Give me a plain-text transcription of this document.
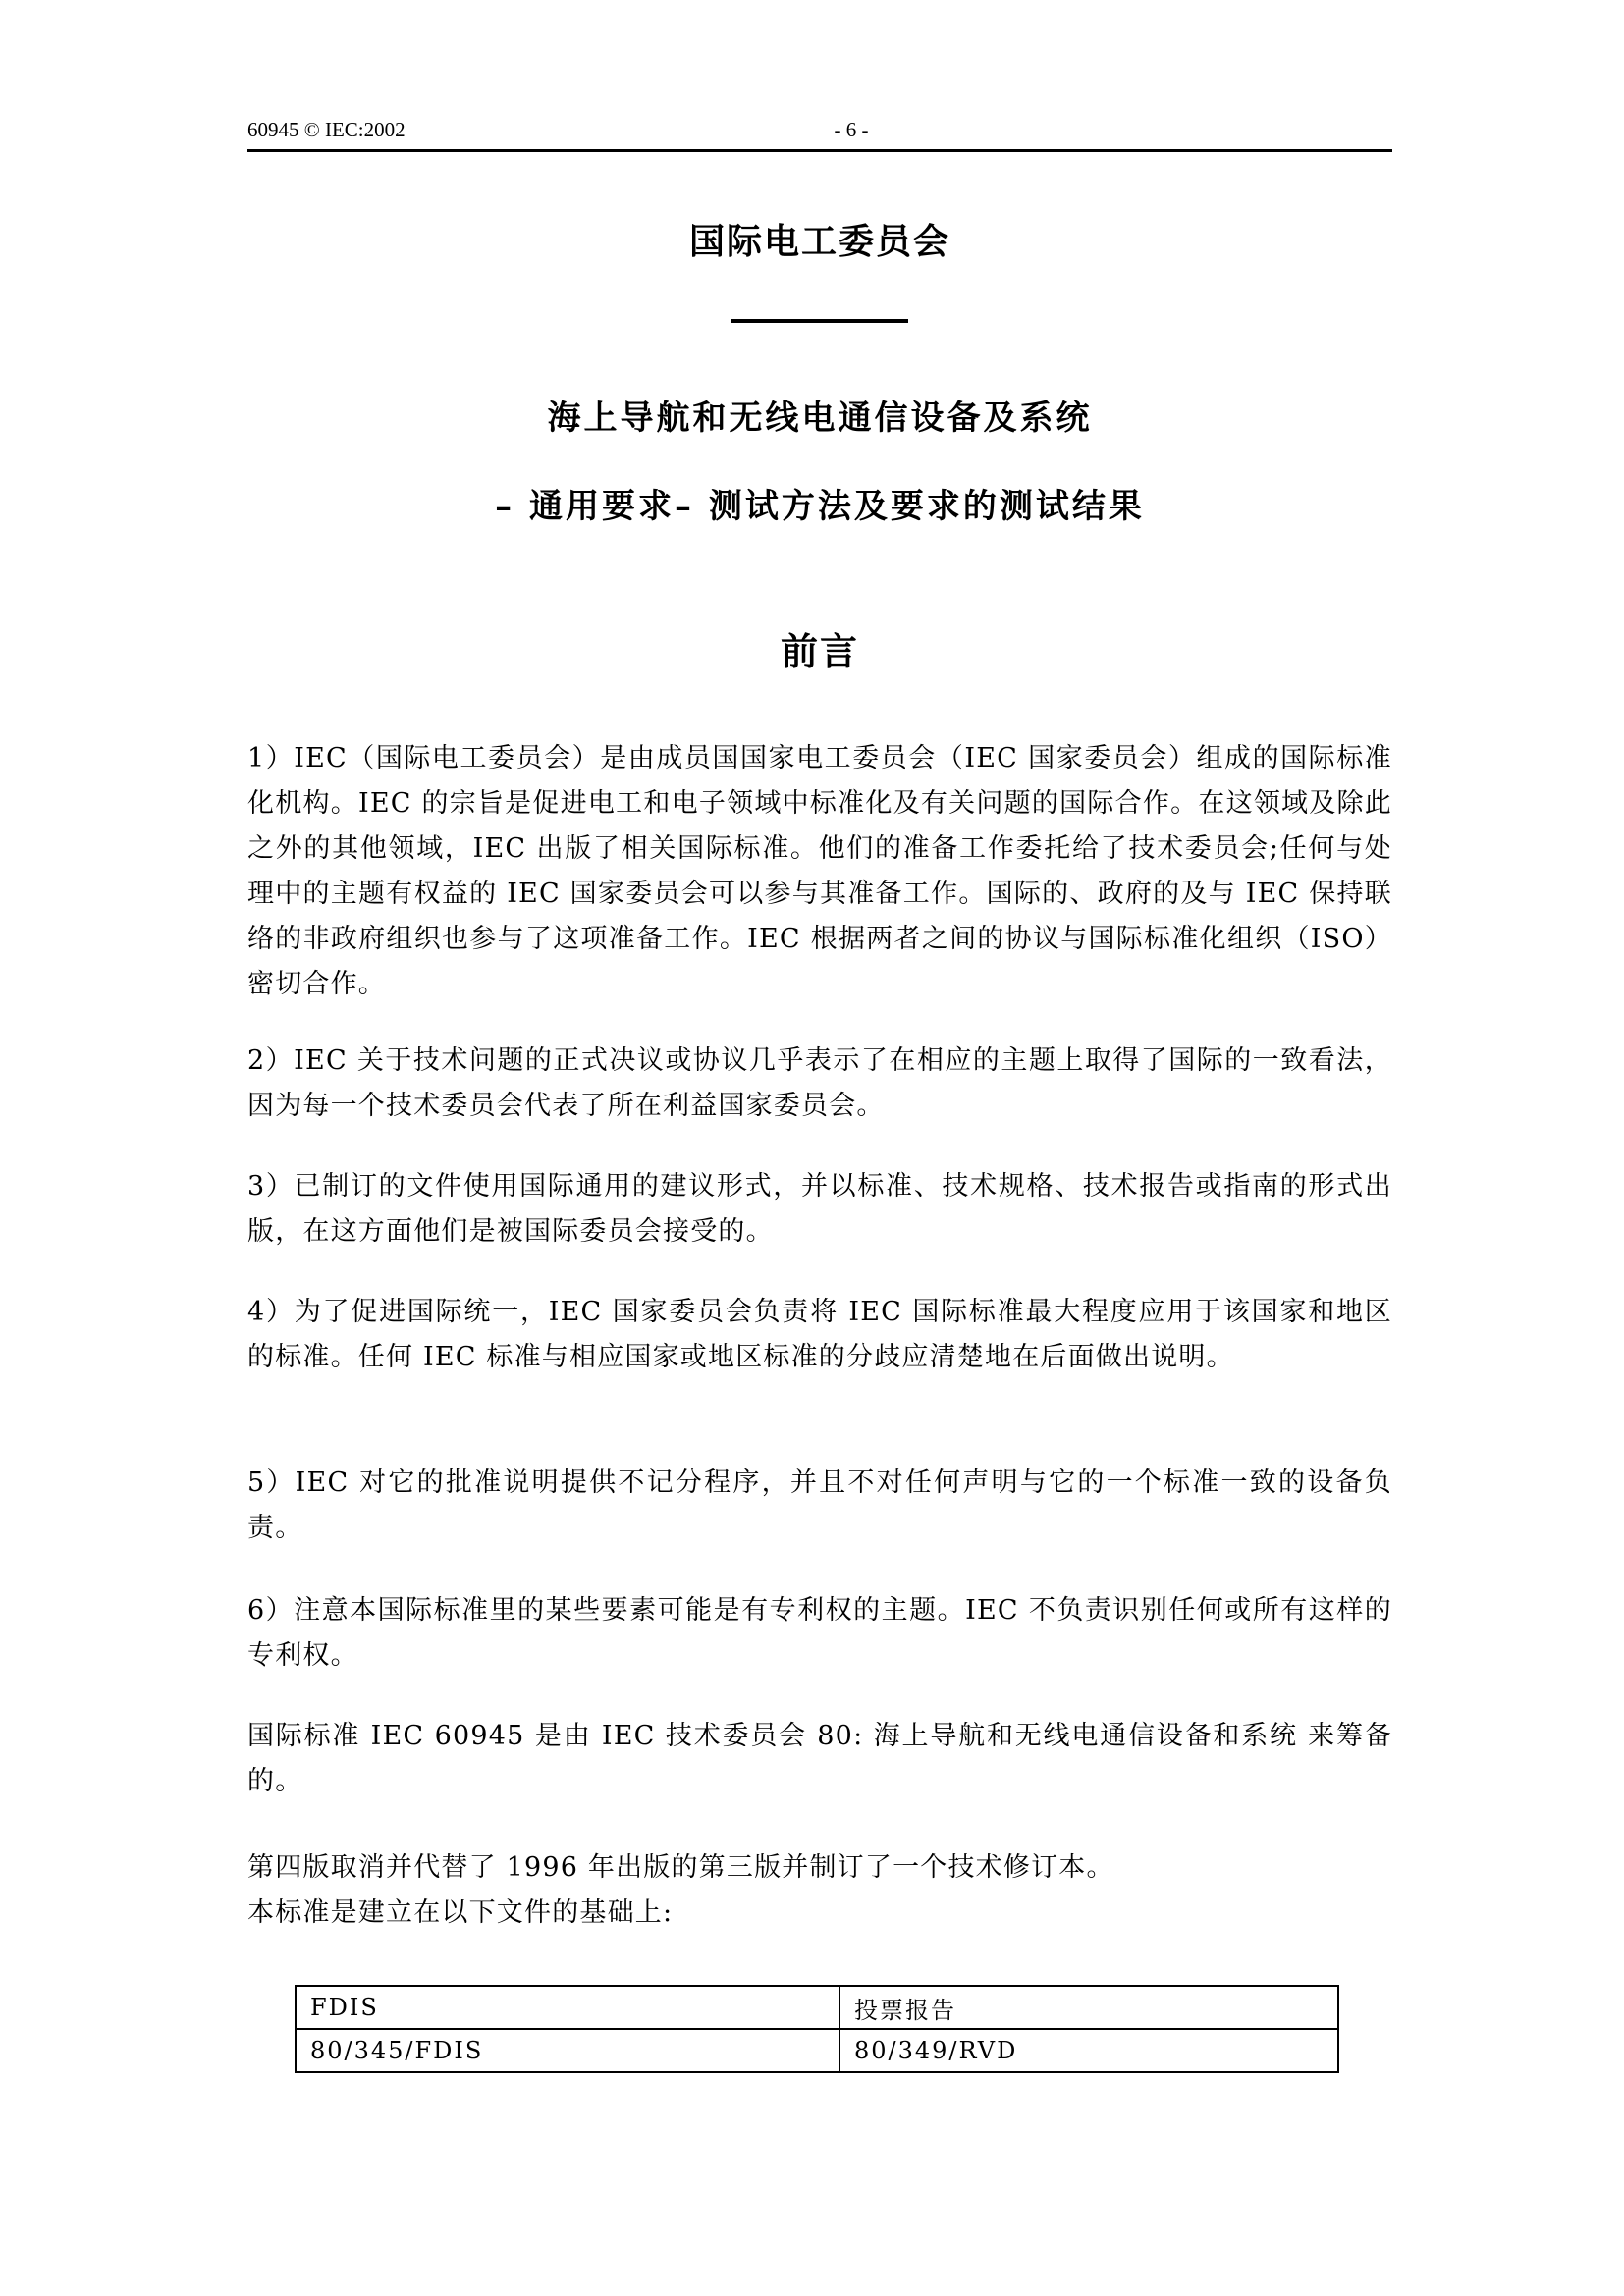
60945 © IEC:2002	- 6 -
国际电工委员会
海上导航和无线电通信设备及系统
– 通用要求– 测试方法及要求的测试结果
前言

1）IEC（国际电工委员会）是由成员国国家电工委员会（IEC 国家委员会）组成的国际标准化机构。IEC 的宗旨是促进电工和电子领域中标准化及有关问题的国际合作。在这领域及除此之外的其他领域，IEC 出版了相关国际标准。他们的准备工作委托给了技术委员会;任何与处理中的主题有权益的 IEC 国家委员会可以参与其准备工作。国际的、政府的及与 IEC 保持联络的非政府组织也参与了这项准备工作。IEC 根据两者之间的协议与国际标准化组织（ISO）密切合作。

2）IEC 关于技术问题的正式决议或协议几乎表示了在相应的主题上取得了国际的一致看法，因为每一个技术委员会代表了所在利益国家委员会。

3）已制订的文件使用国际通用的建议形式，并以标准、技术规格、技术报告或指南的形式出版，在这方面他们是被国际委员会接受的。

4）为了促进国际统一，IEC 国家委员会负责将 IEC 国际标准最大程度应用于该国家和地区的标准。任何 IEC 标准与相应国家或地区标准的分歧应清楚地在后面做出说明。

5）IEC 对它的批准说明提供不记分程序，并且不对任何声明与它的一个标准一致的设备负责。

6）注意本国际标准里的某些要素可能是有专利权的主题。IEC 不负责识别任何或所有这样的专利权。

国际标准 IEC 60945 是由 IEC 技术委员会 80: 海上导航和无线电通信设备和系统 来筹备的。

第四版取消并代替了 1996 年出版的第三版并制订了一个技术修订本。

本标准是建立在以下文件的基础上:

FDIS	投票报告
80/345/FDIS	80/349/RVD
